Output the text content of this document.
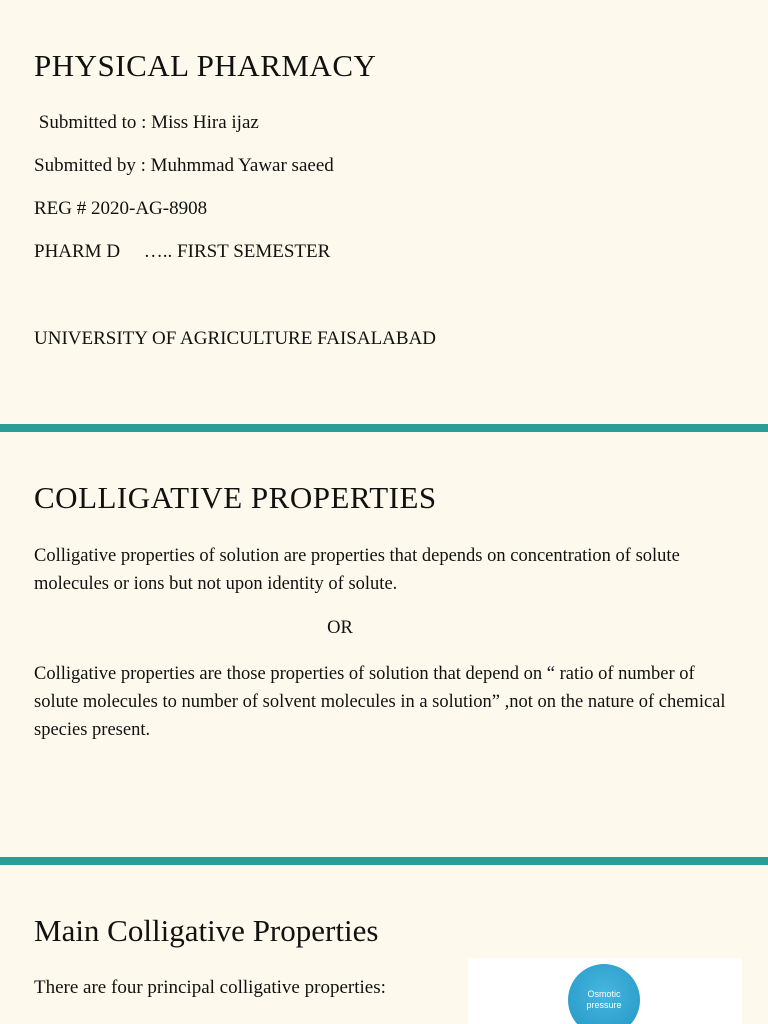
PHYSICAL PHARMACY
Submitted to : Miss Hira ijaz
Submitted by : Muhmmad Yawar saeed
REG # 2020-AG-8908
PHARM D     ….. FIRST SEMESTER
UNIVERSITY OF AGRICULTURE FAISALABAD
COLLIGATIVE PROPERTIES
Colligative properties of solution are properties that depends on concentration of solute molecules or ions but not upon identity of solute.
OR
Colligative properties are those properties of solution that depend on “ ratio of number of solute molecules to number of solvent molecules in a solution” ,not on the nature of chemical species present.
Main Colligative Properties
There are four principal colligative properties:	Osmotic
pressure
